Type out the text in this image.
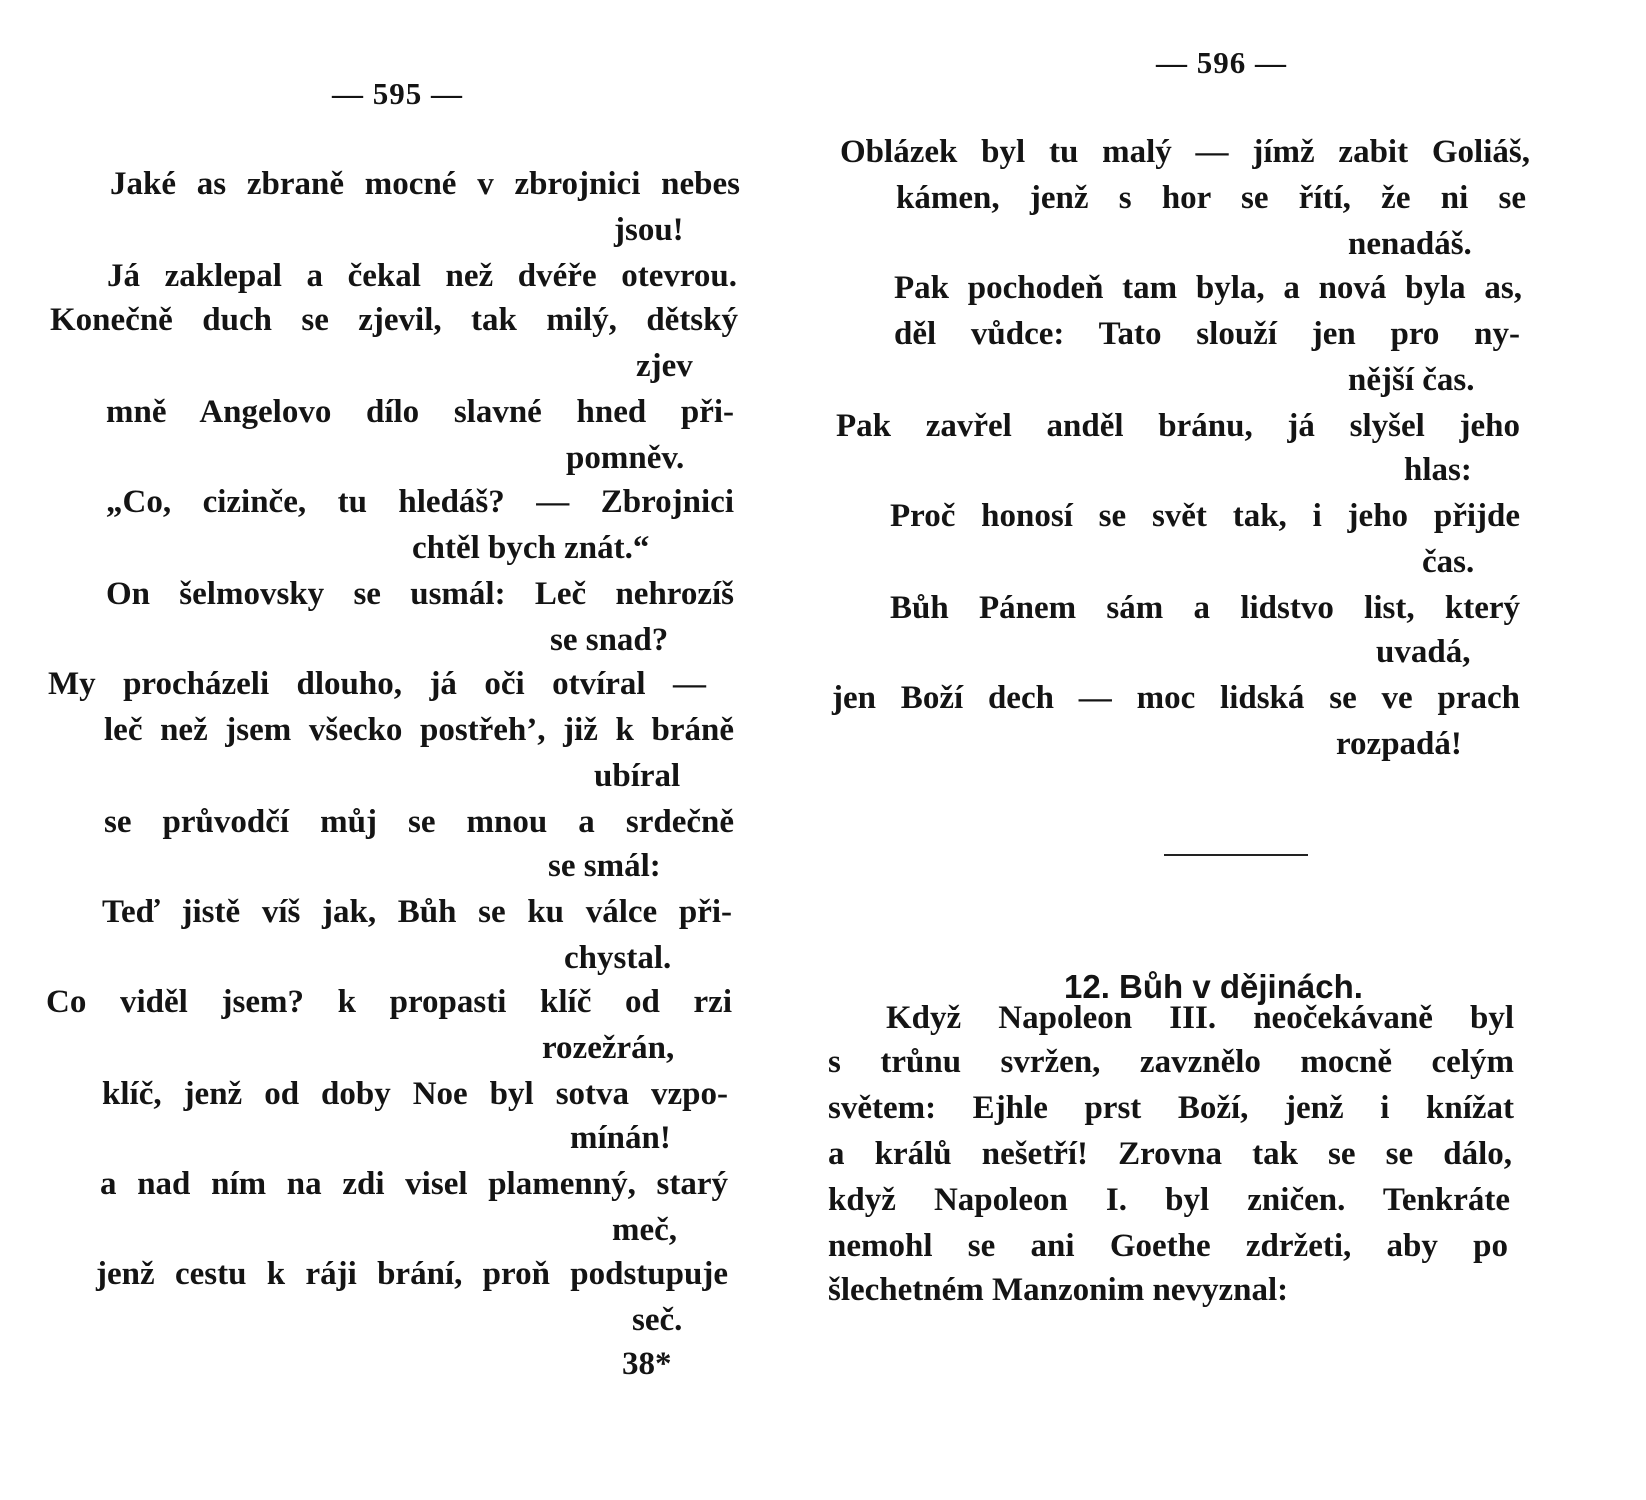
— 595 —
Jaké as zbraně mocné v zbrojnici nebes
jsou!
Já zaklepal a čekal než dvéře otevrou.
Konečně duch se zjevil, tak milý, dětský
zjev
mně Angelovo dílo slavné hned při-
pomněv.
„Co, cizinče, tu hledáš? — Zbrojnici
chtěl bych znát.“
On šelmovsky se usmál: Leč nehrozíš
se snad?
My procházeli dlouho, já oči otvíral —
leč než jsem všecko postřeh’, již k bráně
ubíral
se průvodčí můj se mnou a srdečně
se smál:
Teď jistě víš jak, Bůh se ku válce při-
chystal.
Co viděl jsem? k propasti klíč od rzi
rozežrán,
klíč, jenž od doby Noe byl sotva vzpo-
mínán!
a nad ním na zdi visel plamenný, starý
meč,
jenž cestu k ráji brání, proň podstupuje
seč.
38*
— 596 —
Oblázek byl tu malý — jímž zabit Goliáš,
kámen, jenž s hor se řítí, že ni se
nenadáš.
Pak pochodeň tam byla, a nová byla as,
děl vůdce: Tato slouží jen pro ny-
nější čas.
Pak zavřel anděl bránu, já slyšel jeho
hlas:
Proč honosí se svět tak, i jeho přijde
čas.
Bůh Pánem sám a lidstvo list, který
uvadá,
jen Boží dech — moc lidská se ve prach
rozpadá!
12. Bůh v dějinách.
Když Napoleon III. neočekávaně byl
s trůnu svržen, zavznělo mocně celým
světem: Ejhle prst Boží, jenž i knížat
a králů nešetří! Zrovna tak se se dálo,
když Napoleon I. byl zničen. Tenkráte
nemohl se ani Goethe zdržeti, aby po
šlechetném Manzonim nevyznal:
